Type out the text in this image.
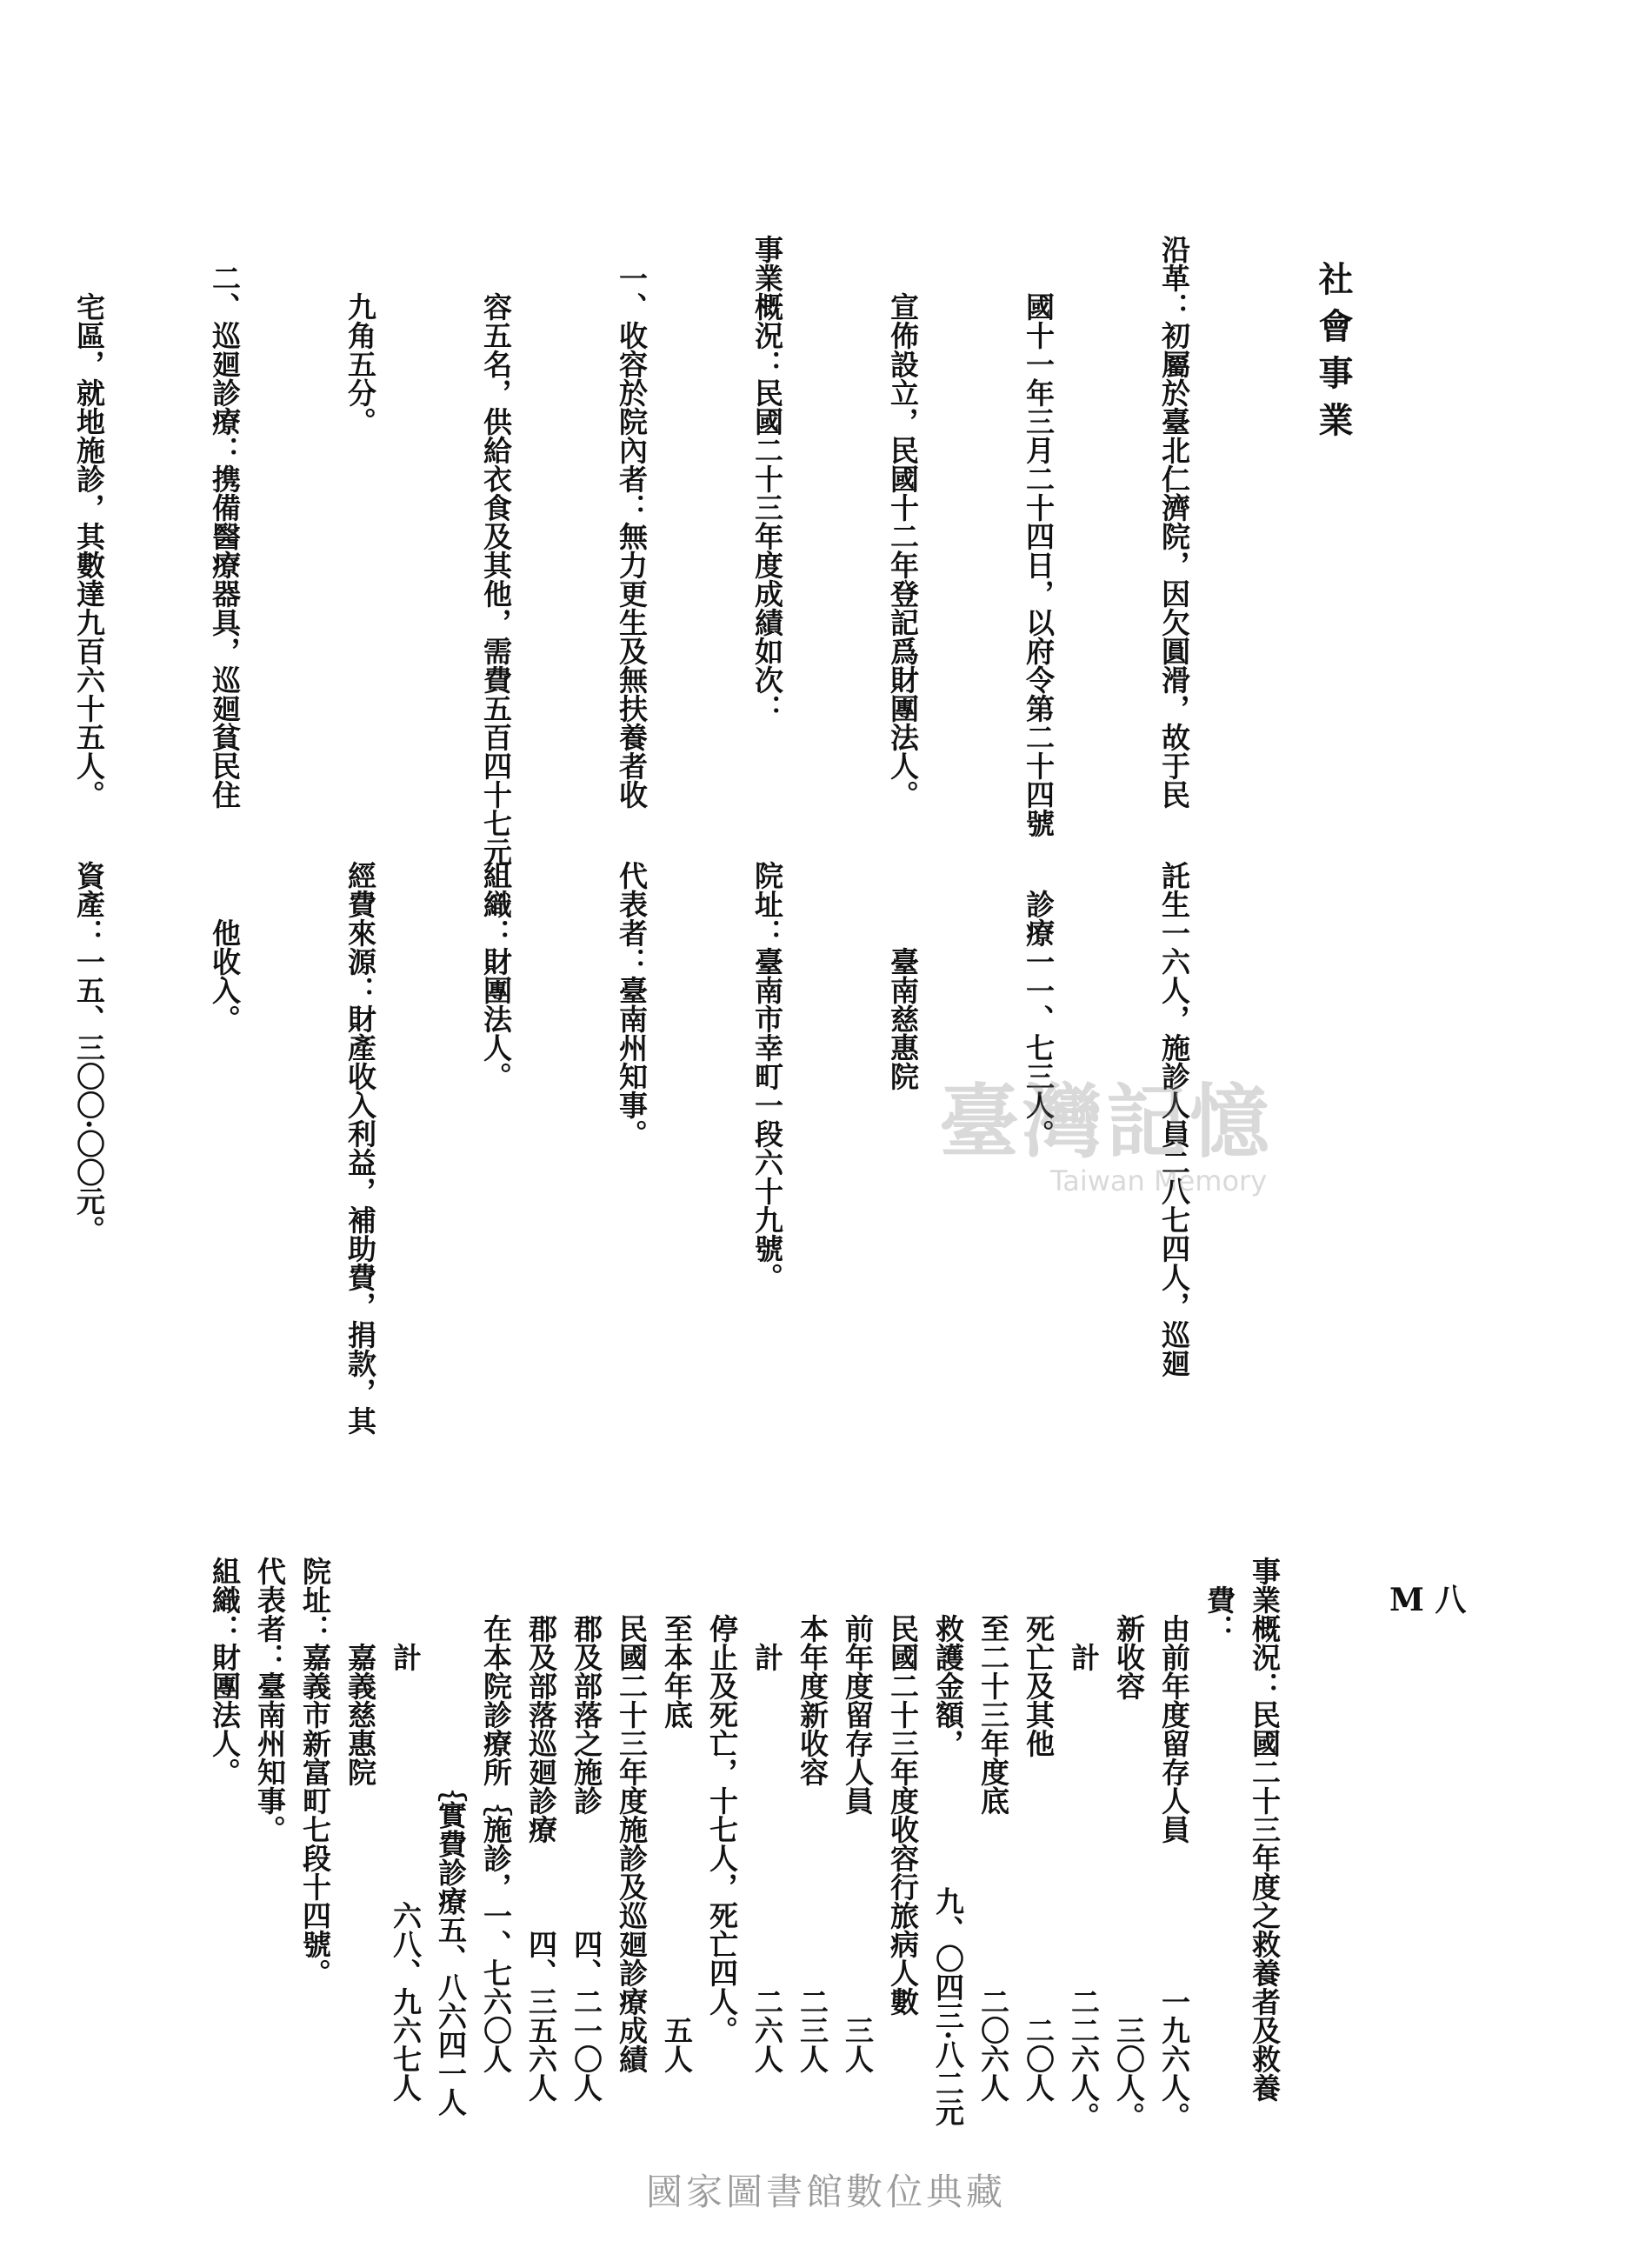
社會事業
M 八

沿革：初屬於臺北仁濟院，因欠圓滑，故于民

　　國十一年三月二十四日，以府令第二十四號

　　宣佈設立，民國十二年登記爲財團法人。

事業概況：民國二十三年度成績如次：

　一、收容於院內者：無力更生及無扶養者收

　　容五名，供給衣食及其他，需費五百四十七元

　　九角五分。

　二、巡廻診療：携備醫療器具，巡廻貧民住

　　宅區，就地施診，其數達九百六十五人。

託生一六人，施診人員二八七四人，巡廻

　診療一一、七三人。

　　　臺南慈惠院

院址：臺南市幸町一段六十九號。

代表者：臺南州知事。

組織：財團法人。

經費來源：財產收入利益，補助費，捐款，其

　　他收入。

資產：一五、三〇〇·〇〇元。

	臺灣記憶
Taiwan Memory
國家圖書館數位典藏
事業概況：民國二十三年度之救養者及救養
　費：
　　由前年度留存人員　　　　　一九六人。
　　新收容　　　　　　　　　　　三〇人。
　　　計　　　　　　　　　　　二二六人。
　　死亡及其他　　　　　　　　　二〇人
　　至二十三年度底　　　　　　二〇六人
　　救護金額，　　　　　九、〇四三·八二元
　　民國二十三年度收容行旅病人數
　　前年度留存人員　　　　　　　三人
　　本年度新收容　　　　　　　二三人
　　　計　　　　　　　　　　　二六人
　　停止及死亡，十七人，死亡四人。
　　至本年底　　　　　　　　　　五人
　　民國二十三年度施診及巡廻診療成績
　　郡及部落之施診　　　　四、二一〇人
　　郡及部落巡廻診療　　　四、三五六人
　　在本院診療所｛施診，一、七六〇人
　　　　　　　　｛實費診療五、八六四一人
　　　計　　　　　　　　六八、九六七人
　　　嘉義慈惠院
院址：嘉義市新富町七段十四號。
代表者：臺南州知事。
組織：財團法人。
